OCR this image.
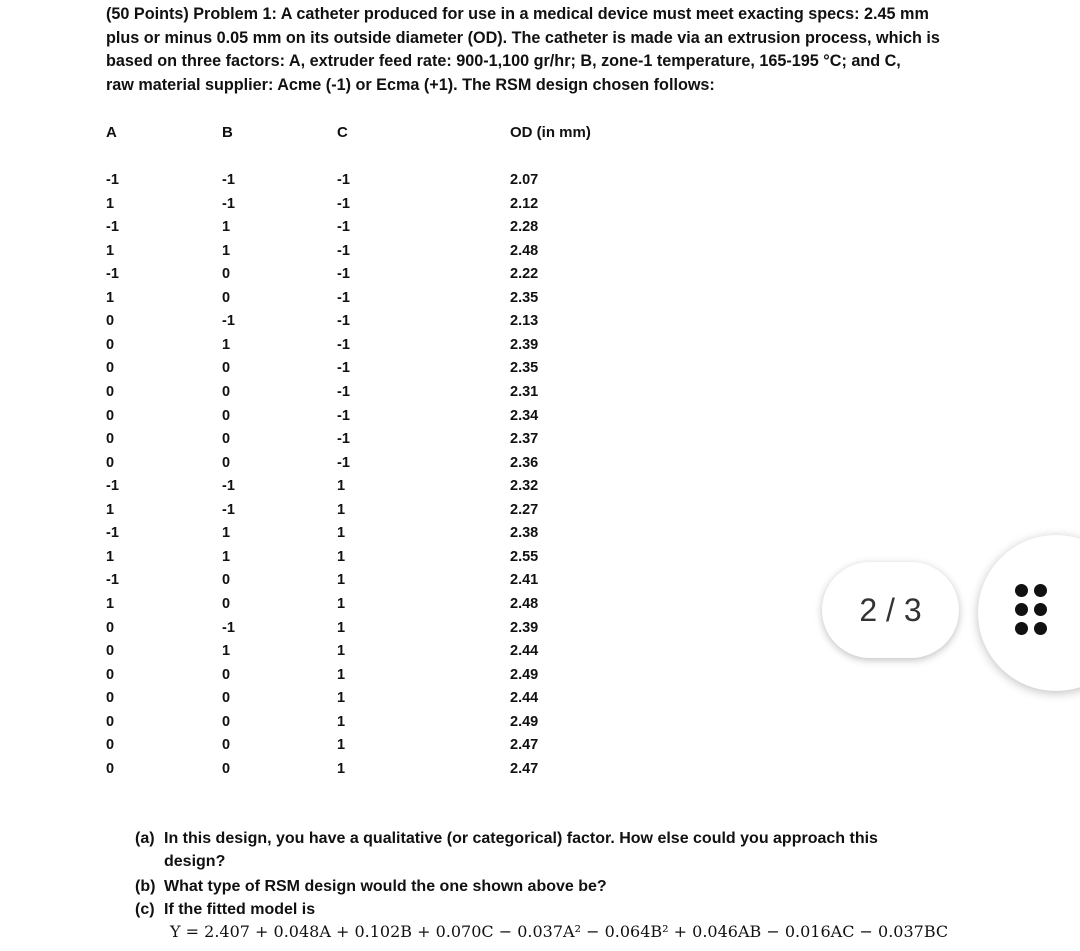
(50 Points) Problem 1: A catheter produced for use in a medical device must meet exacting specs: 2.45 mm
plus or minus 0.05 mm on its outside diameter (OD). The catheter is made via an extrusion process, which is
based on three factors: A, extruder feed rate: 900-1,100 gr/hr; B, zone-1 temperature, 165-195 °C; and C,
raw material supplier: Acme (-1) or Ecma (+1). The RSM design chosen follows:
A	B	C	OD (in mm)
-1	-1	-1	2.07
1	-1	-1	2.12
-1	1	-1	2.28
1	1	-1	2.48
-1	0	-1	2.22
1	0	-1	2.35
0	-1	-1	2.13
0	1	-1	2.39
0	0	-1	2.35
0	0	-1	2.31
0	0	-1	2.34
0	0	-1	2.37
0	0	-1	2.36
-1	-1	1	2.32
1	-1	1	2.27
-1	1	1	2.38
1	1	1	2.55
-1	0	1	2.41
1	0	1	2.48
0	-1	1	2.39
0	1	1	2.44
0	0	1	2.49
0	0	1	2.44
0	0	1	2.49
0	0	1	2.47
0	0	1	2.47
(a) In this design, you have a qualitative (or categorical) factor. How else could you approach this
design?
(b) What type of RSM design would the one shown above be?
(c) If the fitted model is
Y = 2.407 + 0.048A + 0.102B + 0.070C − 0.037A² − 0.064B² + 0.046AB − 0.016AC − 0.037BC
2 / 3
